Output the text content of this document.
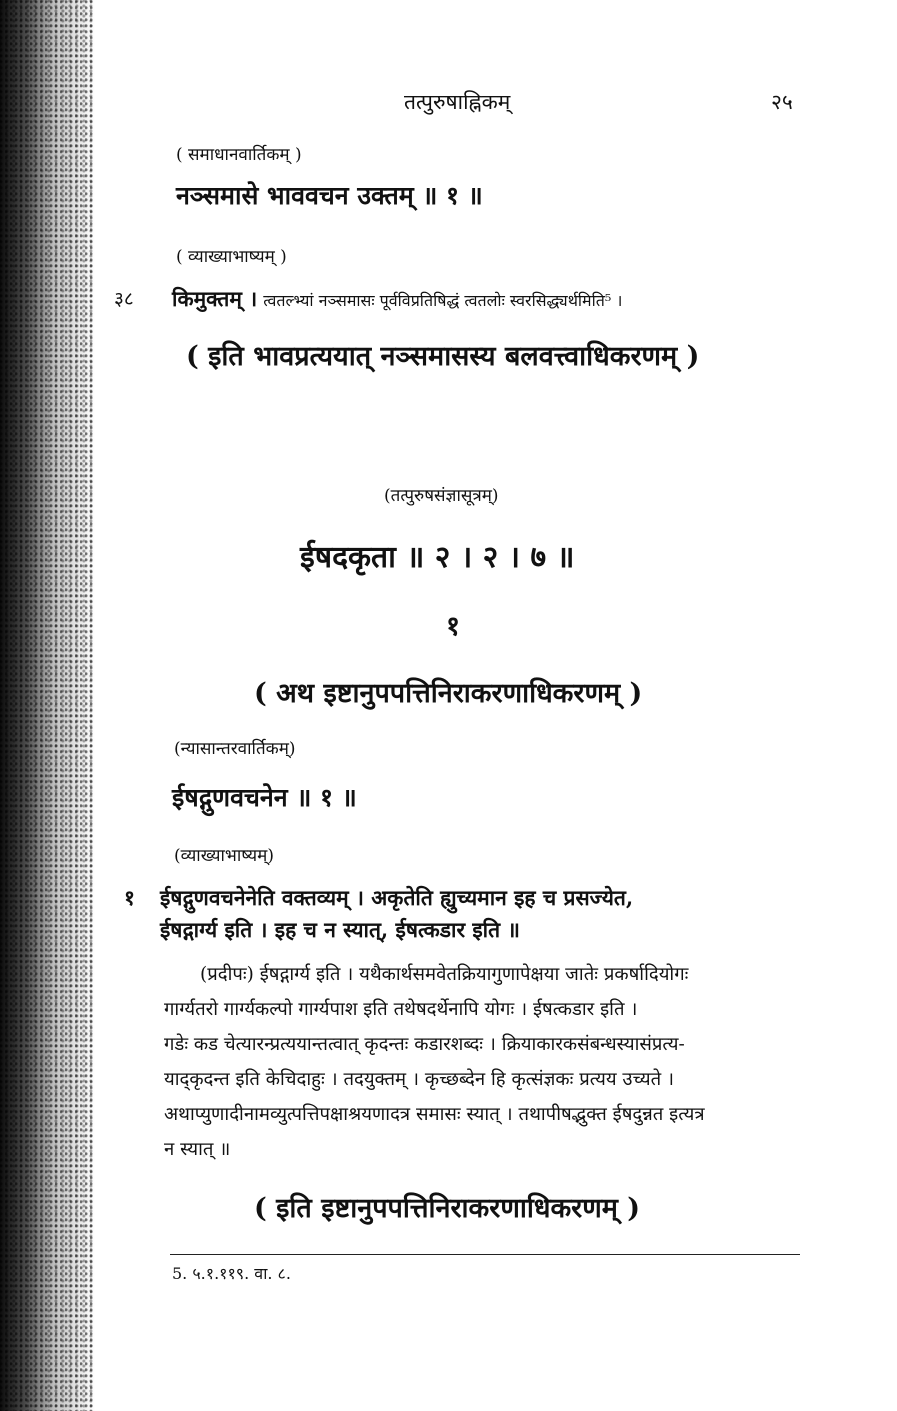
तत्पुरुषाह्निकम्	२५
( समाधानवार्तिकम् )
नञ्समासे भाववचन उक्तम् ॥ १ ॥
( व्याख्याभाष्यम् )
३८ किमुक्तम् । त्वतल्भ्यां नञ्समासः पूर्वविप्रतिषिद्धं त्वतलोः स्वरसिद्ध्यर्थमिति⁵ ।
( इति भावप्रत्ययात् नञ्समासस्य बलवत्त्वाधिकरणम् )
(तत्पुरुषसंज्ञासूत्रम्)
ईषदकृता ॥ २ । २ । ७ ॥
१
( अथ इष्टानुपपत्तिनिराकरणाधिकरणम् )
(न्यासान्तरवार्तिकम्)
ईषद्गुणवचनेन ॥ १ ॥
(व्याख्याभाष्यम्)
१ ईषद्गुणवचनेनेति वक्तव्यम् । अकृतेति ह्युच्यमान इह च प्रसज्येत,
ईषद्गार्ग्य इति । इह च न स्यात्, ईषत्कडार इति ॥
(प्रदीपः) ईषद्गार्ग्य इति । यथैकार्थसमवेतक्रियागुणापेक्षया जातेः प्रकर्षादियोगः
गार्ग्यतरो गार्ग्यकल्पो गार्ग्यपाश इति तथेषदर्थेनापि योगः । ईषत्कडार इति ।
गडेः कड चेत्यारन्प्रत्ययान्तत्वात् कृदन्तः कडारशब्दः । क्रियाकारकसंबन्धस्यासंप्रत्य-
याद्कृदन्त इति केचिदाहुः । तदयुक्तम् । कृच्छब्देन हि कृत्संज्ञकः प्रत्यय उच्यते ।
अथाप्युणादीनामव्युत्पत्तिपक्षाश्रयणादत्र समासः स्यात् । तथापीषद्भुक्त ईषदुन्नत इत्यत्र
न स्यात् ॥
( इति इष्टानुपपत्तिनिराकरणाधिकरणम् )
5. ५.१.११९. वा. ८.
